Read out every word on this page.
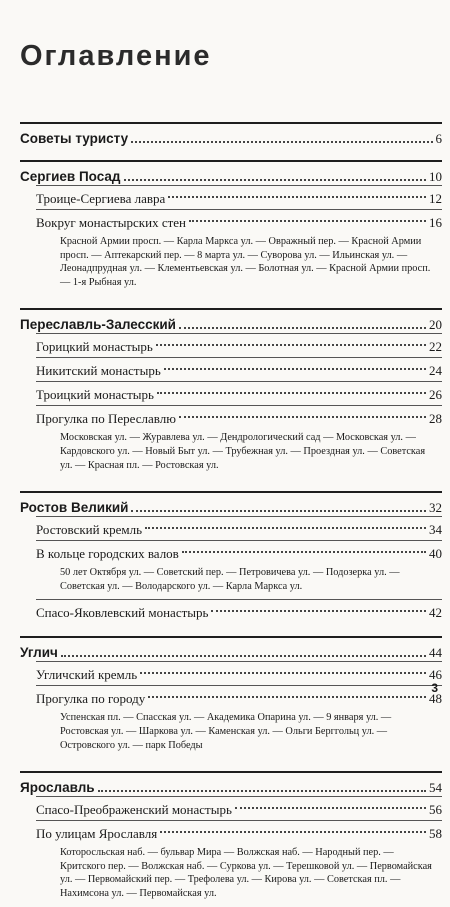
Оглавление
Советы туристу	6
Сергиев Посад	10
Троице-Сергиева лавра	12
Вокруг монастырских стен	16
Красной Армии просп. — Карла Маркса ул. — Овражный пер. — Красной Армии просп. — Аптекарский пер. — 8 марта ул. — Суворова ул. — Ильинская ул. — Леонадпрудная ул. — Клементьевская ул. — Болотная ул. — Красной Армии просп. — 1-я Рыбная ул.
Переславль-Залесский	20
Горицкий монастырь	22
Никитский монастырь	24
Троицкий монастырь	26
Прогулка по Переславлю	28
Московская ул. — Журавлева ул. — Дендрологический сад — Московская ул. — Кардовского ул. — Новый Быт ул. — Трубежная ул. — Проездная ул. — Советская ул. — Красная пл. — Ростовская ул.
Ростов Великий	32
Ростовский кремль	34
В кольце городских валов	40
50 лет Октября ул. — Советский пер. — Петровичева ул. — Подозерка ул. — Советская ул. — Володарского ул. — Карла Маркса ул.
Спасо-Яковлевский монастырь	42
Углич	44
Угличский кремль	46
Прогулка по городу	48
Успенская пл. — Спасская ул. — Академика Опарина ул. — 9 января ул. — Ростовская ул. — Шаркова ул. — Каменская ул. — Ольги Берггольц ул. — Островского ул. — парк Победы
Ярославль	54
Спасо-Преображенский монастырь	56
По улицам Ярославля	58
Которосльская наб. — бульвар Мира — Волжская наб. — Народный пер. — Критского пер. — Волжская наб. — Суркова ул. — Терешковой ул. — Первомайская ул. — Первомайский пер. — Трефолева ул. — Кирова ул. — Советская пл. — Нахимсона ул. — Первомайская ул.
3
